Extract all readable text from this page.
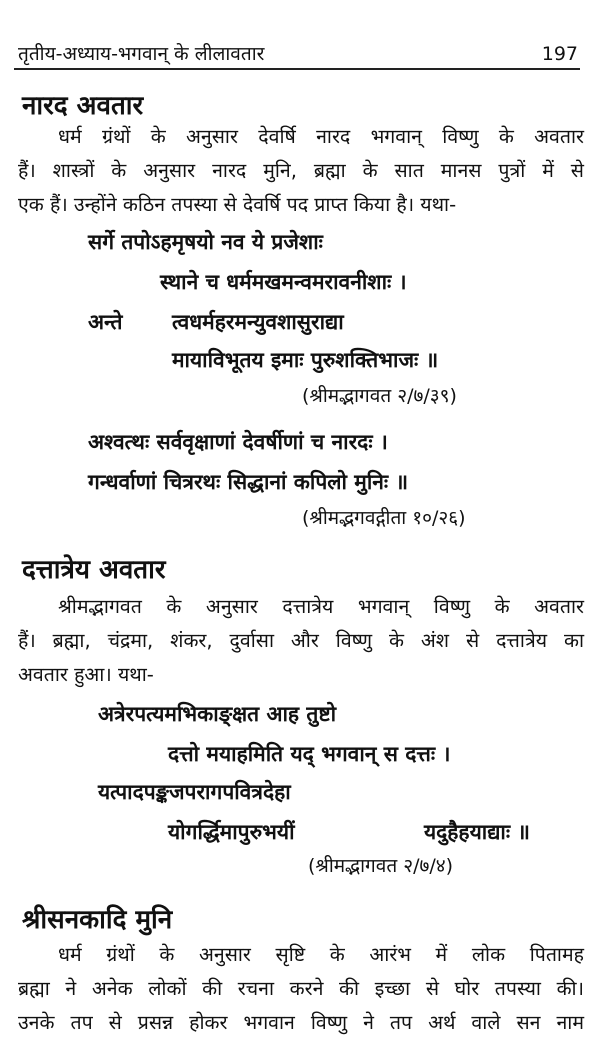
तृतीय-अध्याय-भगवान् के लीलावतार	197
नारद अवतार
धर्म ग्रंथों के अनुसार देवर्षि नारद भगवान् विष्णु के अवतार
हैं। शास्त्रों के अनुसार नारद मुनि, ब्रह्मा के सात मानस पुत्रों में से
एक हैं। उन्होंने कठिन तपस्या से देवर्षि पद प्राप्त किया है। यथा-
सर्गे तपोऽहमृषयो नव ये प्रजेशाः
स्थाने च धर्ममखमन्वमरावनीशाः ।
अन्ते त्वधर्महरमन्युवशासुराद्या
मायाविभूतय इमाः पुरुशक्तिभाजः ॥
(श्रीमद्भागवत २/७/३९)
अश्वत्थः सर्ववृक्षाणां देवर्षीणां च नारदः ।
गन्धर्वाणां चित्ररथः सिद्धानां कपिलो मुनिः ॥
(श्रीमद्भगवद्गीता १०/२६)
दत्तात्रेय अवतार
श्रीमद्भागवत के अनुसार दत्तात्रेय भगवान् विष्णु के अवतार
हैं। ब्रह्मा, चंद्रमा, शंकर, दुर्वासा और विष्णु के अंश से दत्तात्रेय का
अवतार हुआ। यथा-
अत्रेरपत्यमभिकाङ्क्षत आह तुष्टो
दत्तो मयाहमिति यद् भगवान् स दत्तः ।
यत्पादपङ्कजपरागपवित्रदेहा
योगर्द्धिमापुरुभयीं	यदुहैहयाद्याः ॥
(श्रीमद्भागवत २/७/४)
श्रीसनकादि मुनि
धर्म ग्रंथों के अनुसार सृष्टि के आरंभ में लोक पितामह
ब्रह्मा ने अनेक लोकों की रचना करने की इच्छा से घोर तपस्या की।
उनके तप से प्रसन्न होकर भगवान विष्णु ने तप अर्थ वाले सन नाम
